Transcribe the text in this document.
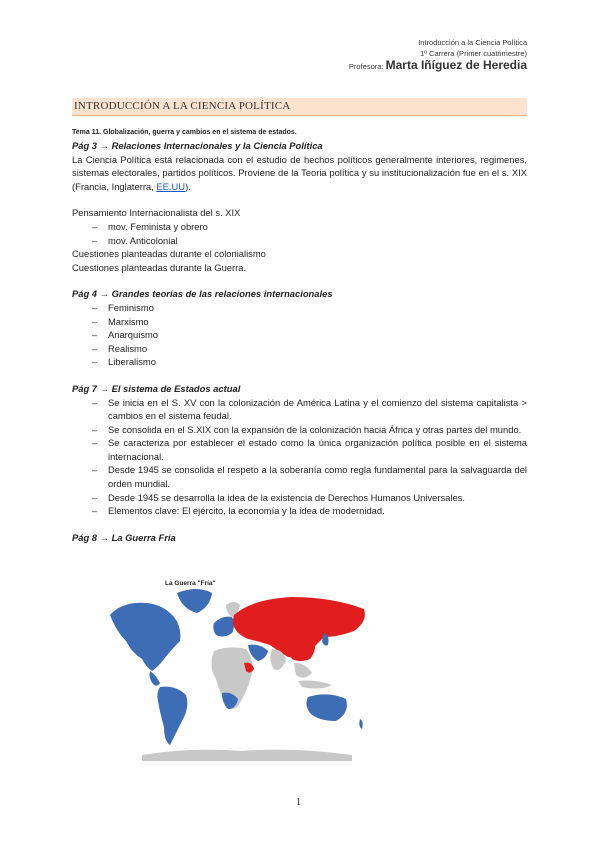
Introducción a la Ciencia Política
1º Carrera (Primer cuatrimestre)
Profesora: Marta Iñíguez de Heredia
INTRODUCCIÓN A LA CIENCIA POLÍTICA
Tema 11. Globalización, guerra y cambios en el sistema de estados.
Pág 3 → Relaciones Internacionales y la Ciencia Política

La Ciencia Política está relacionada con el estudio de hechos políticos generalmente interiores, regimenes, sistemas electorales, partidos políticos. Proviene de la Teoria política y su institucionalización fue en el s. XIX (Francia, Inglaterra, EE.UU).

Pensamiento Internacionalista del s. XIX
– mov. Feminista y obrero
– mov. Anticolonial
Cuestiones planteadas durante el colonialismo
Cuestiones planteadas durante la Guerra.
Pág 4 → Grandes teorías de las relaciones internacionales
– Feminismo
– Marxismo
– Anarquismo
– Realismo
– Liberalismo
Pág 7 → El sistema de Estados actual
– Se inicia en el S. XV con la colonización de América Latina y el comienzo del sistema capitalista > cambios en el sistema feudal.
– Se consolida en el S.XIX con la expansión de la colonización hacia África y otras partes del mundo.
– Se caracteriza por establecer el estado como la única organización política posible en el sistema internacional.
– Desde 1945 se consolida el respeto a la soberanía como regla fundamental para la salvaguarda del orden mundial.
– Desde 1945 se desarrolla la idea de la existencia de Derechos Humanos Universales.
– Elementos clave: El ejército, la economía y la idea de modernidad.
Pág 8 → La Guerra Fría
La Guerra "Fría"
1
